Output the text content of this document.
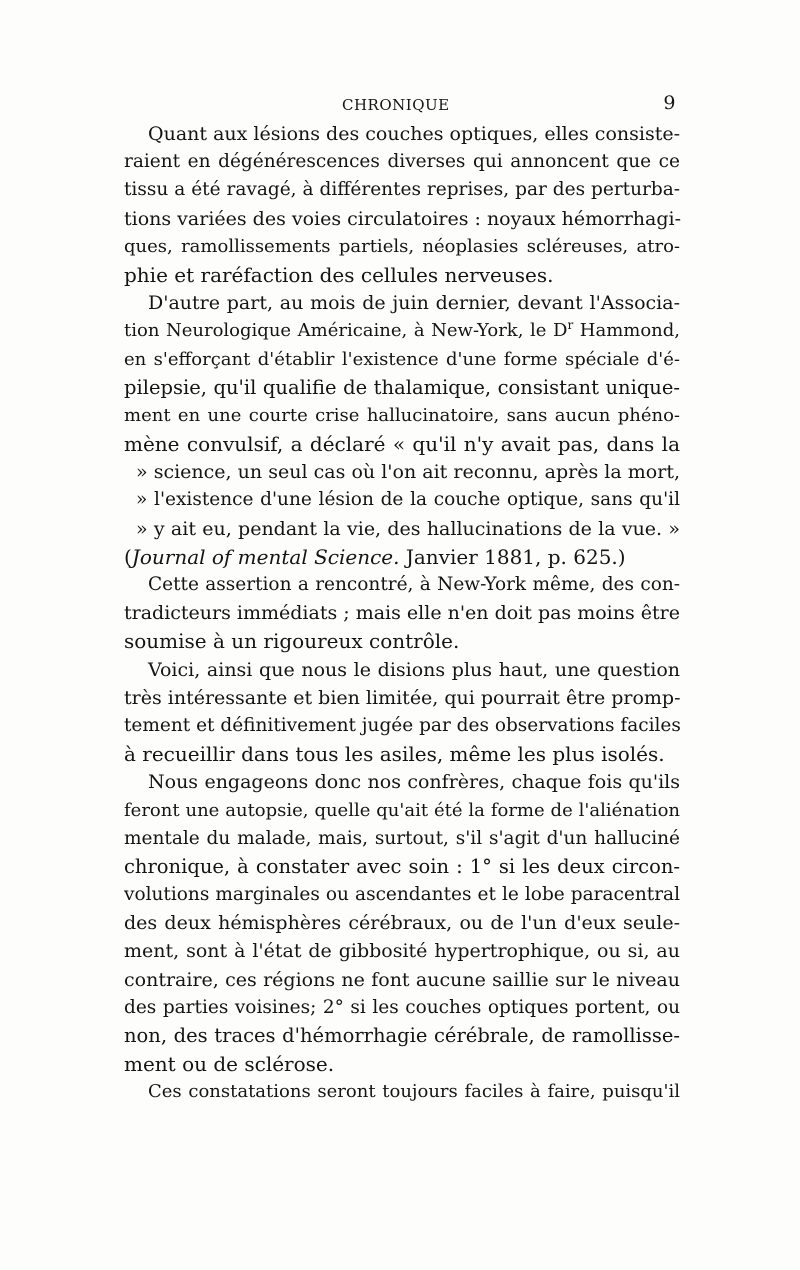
CHRONIQUE	9
Quant aux lésions des couches optiques, elles consiste-
raient en dégénérescences diverses qui annoncent que ce
tissu a été ravagé, à différentes reprises, par des perturba-
tions variées des voies circulatoires : noyaux hémorrhagi-
ques, ramollissements partiels, néoplasies scléreuses, atro-
phie et raréfaction des cellules nerveuses.
D'autre part, au mois de juin dernier, devant l'Associa-
tion Neurologique Américaine, à New-York, le $D^r$ Hammond,
en s'efforçant d'établir l'existence d'une forme spéciale d'é-
pilepsie, qu'il qualifie de thalamique, consistant unique-
ment en une courte crise hallucinatoire, sans aucun phéno-
mène convulsif, a déclaré « qu'il n'y avait pas, dans la
» science, un seul cas où l'on ait reconnu, après la mort,
» l'existence d'une lésion de la couche optique, sans qu'il
» y ait eu, pendant la vie, des hallucinations de la vue. »
(Journal of mental Science. Janvier 1881, p. 625.)
Cette assertion a rencontré, à New-York même, des con-
tradicteurs immédiats ; mais elle n'en doit pas moins être
soumise à un rigoureux contrôle.
Voici, ainsi que nous le disions plus haut, une question
très intéressante et bien limitée, qui pourrait être promp-
tement et définitivement jugée par des observations faciles
à recueillir dans tous les asiles, même les plus isolés.
Nous engageons donc nos confrères, chaque fois qu'ils
feront une autopsie, quelle qu'ait été la forme de l'aliénation
mentale du malade, mais, surtout, s'il s'agit d'un halluciné
chronique, à constater avec soin : 1° si les deux circon-
volutions marginales ou ascendantes et le lobe paracentral
des deux hémisphères cérébraux, ou de l'un d'eux seule-
ment, sont à l'état de gibbosité hypertrophique, ou si, au
contraire, ces régions ne font aucune saillie sur le niveau
des parties voisines; 2° si les couches optiques portent, ou
non, des traces d'hémorrhagie cérébrale, de ramollisse-
ment ou de sclérose.
Ces constatations seront toujours faciles à faire, puisqu'il
